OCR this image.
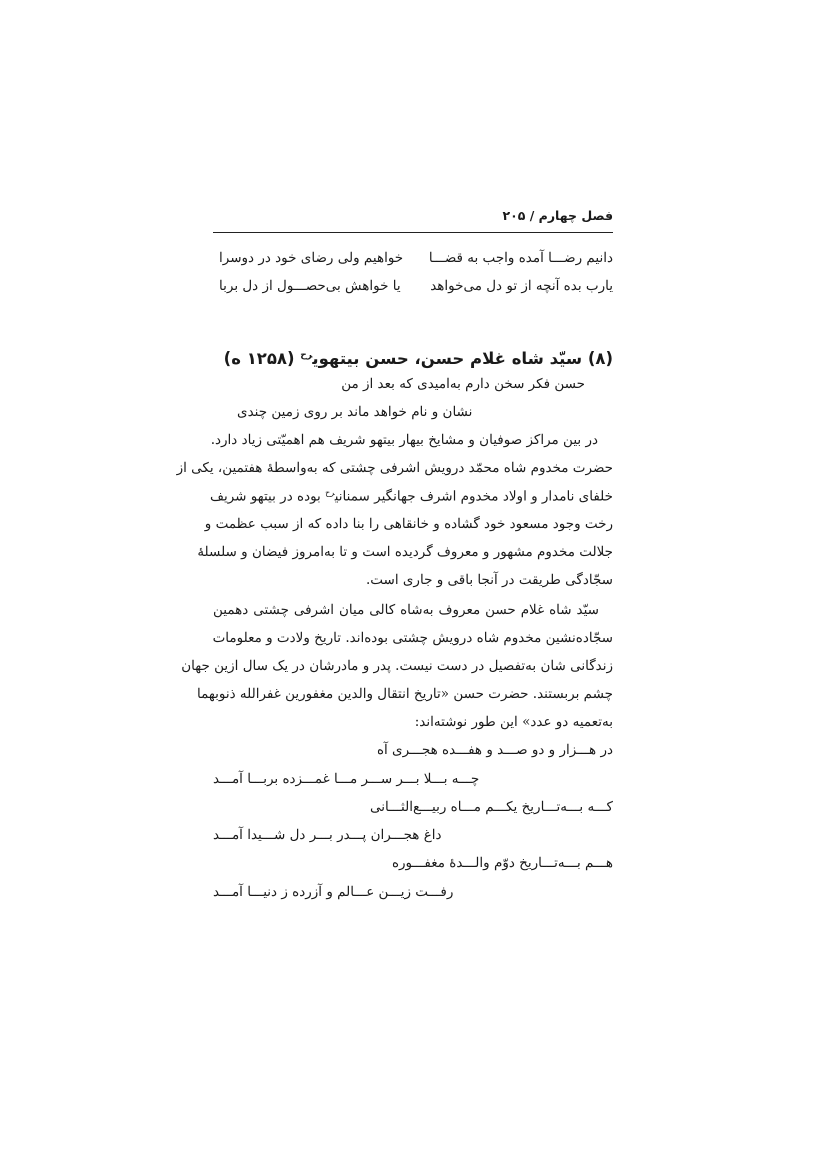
فصل چهارم / ۲۰۵
دانیم رضـــا آمده واجب به قضـــا
خواهیم ولی رضای خود در دوسرا
یارب بده آنچه از تو دل می‌خواهد
یا خواهش بی‌حصـــول از دل بربا
(۸) سیّد شاه غلام حسن، حسن بیتهوی$^{رح}$ (۱۲۵۸ ه)
حسن فکر سخن دارم به‌امیدی که بعد از من
نشان و نام خواهد ماند بر روی زمین چندی
در بین مراکز صوفیان و مشایخ بیهار بیتهو شریف هم اهمیّتی زیاد دارد.
حضرت مخدوم شاه محمّد درویش اشرفی چشتی که به‌واسطهٔ هفتمین، یکی از
خلفای نامدار و اولاد مخدوم اشرف جهانگیر سمنانی$^{رح}$ بوده در بیتهو شریف
رخت وجود مسعود خود گشاده و خانقاهی را بنا داده که از سبب عظمت و
جلالت مخدوم مشهور و معروف گردیده است و تا به‌امروز فیضان و سلسلهٔ
سجّادگی طریقت در آنجا باقی و جاری است.
سیّد شاه غلام حسن معروف به‌شاه کالی میان اشرفی چشتی دهمین
سجّاده‌نشین مخدوم شاه درویش چشتی بوده‌اند. تاریخ ولادت و معلومات
زندگانی شان به‌تفصیل در دست نیست. پدر و مادرشان در یک سال ازین جهان
چشم بربستند. حضرت حسن «تاریخ انتقال والدین مغفورین غفرالله ذنوبهما
به‌تعمیه دو عدد» این طور نوشته‌اند:
در هـــزار و دو صـــد و هفـــده هجـــری آه
چـــه بـــلا بـــر ســـر مـــا غمـــزده بربـــا آمـــد
کـــه بـــه‌تـــاریخ یکـــم مـــاه ربیـــع‌الثـــانی
داغ هجـــران پـــدر بـــر دل شـــیدا آمـــد
هـــم بـــه‌تـــاریخ دوّم والـــدهٔ مغفـــوره
رفـــت زیـــن عـــالم و آزرده ز دنیـــا آمـــد
